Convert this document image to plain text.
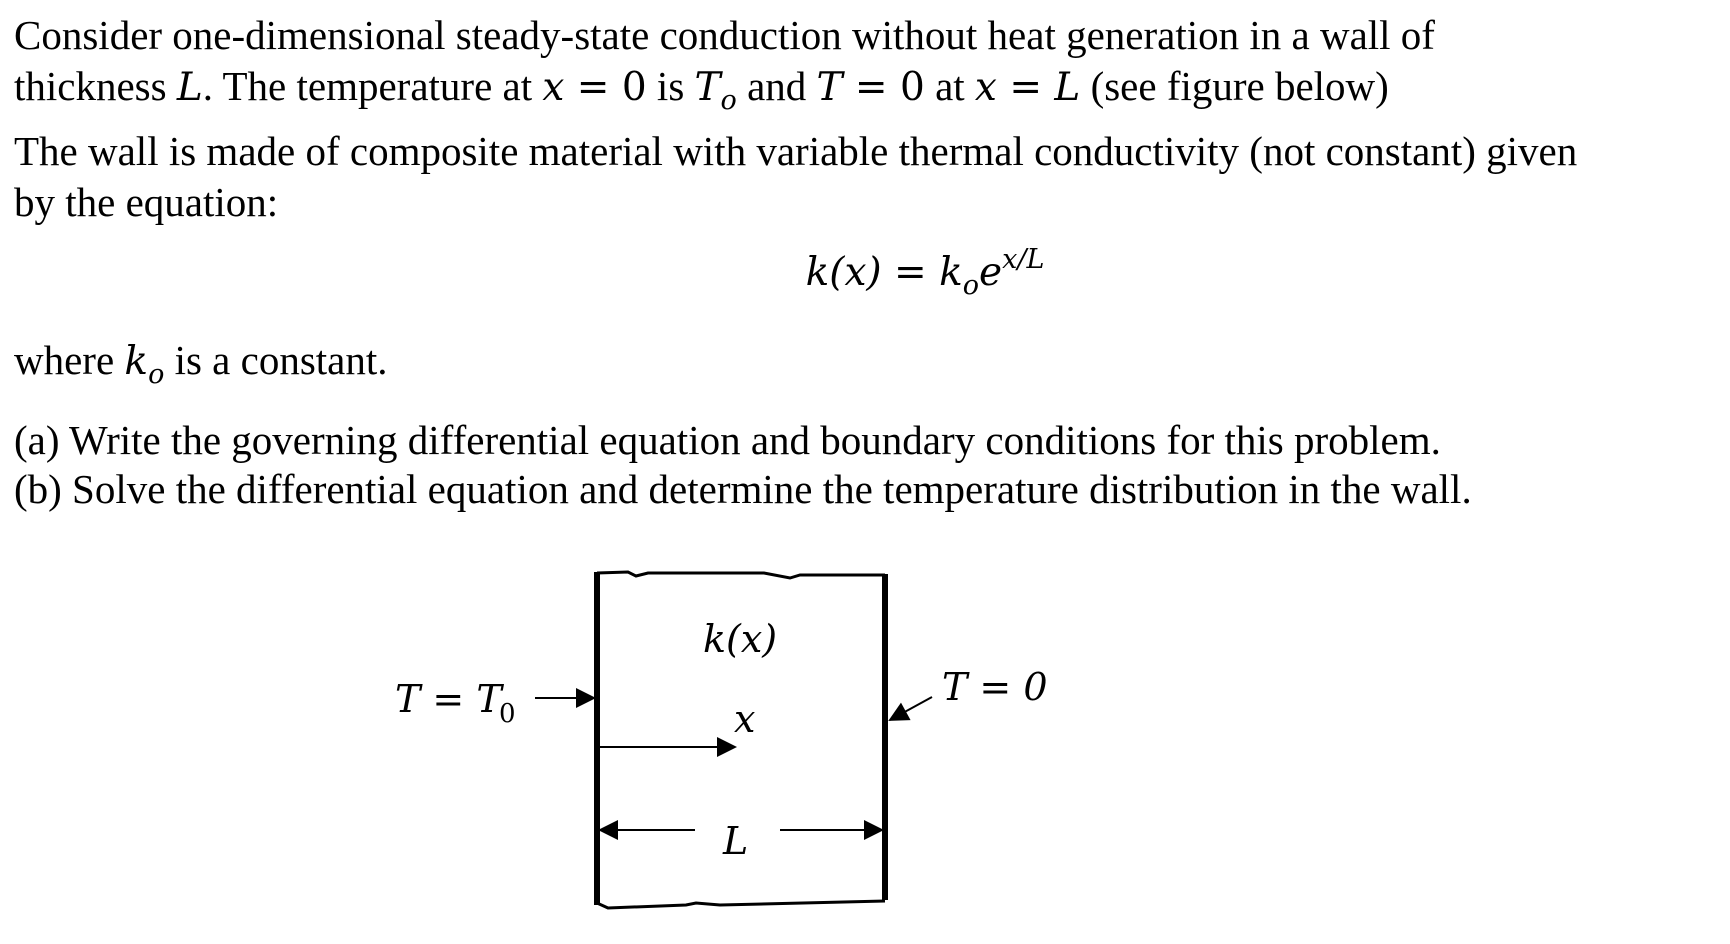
Consider one-dimensional steady-state conduction without heat generation in a wall of
thickness L. The temperature at x = 0 is $T_o$ and T = 0 at x = L (see figure below)
The wall is made of composite material with variable thermal conductivity (not constant) given
by the equation:
$k(x) = k_oe^{x/L}$
where $k_o$ is a constant.
(a) Write the governing differential equation and boundary conditions for this problem.
(b) Solve the differential equation and determine the temperature distribution in the wall.
T = T
0
T = 0
k(x)
x
L
